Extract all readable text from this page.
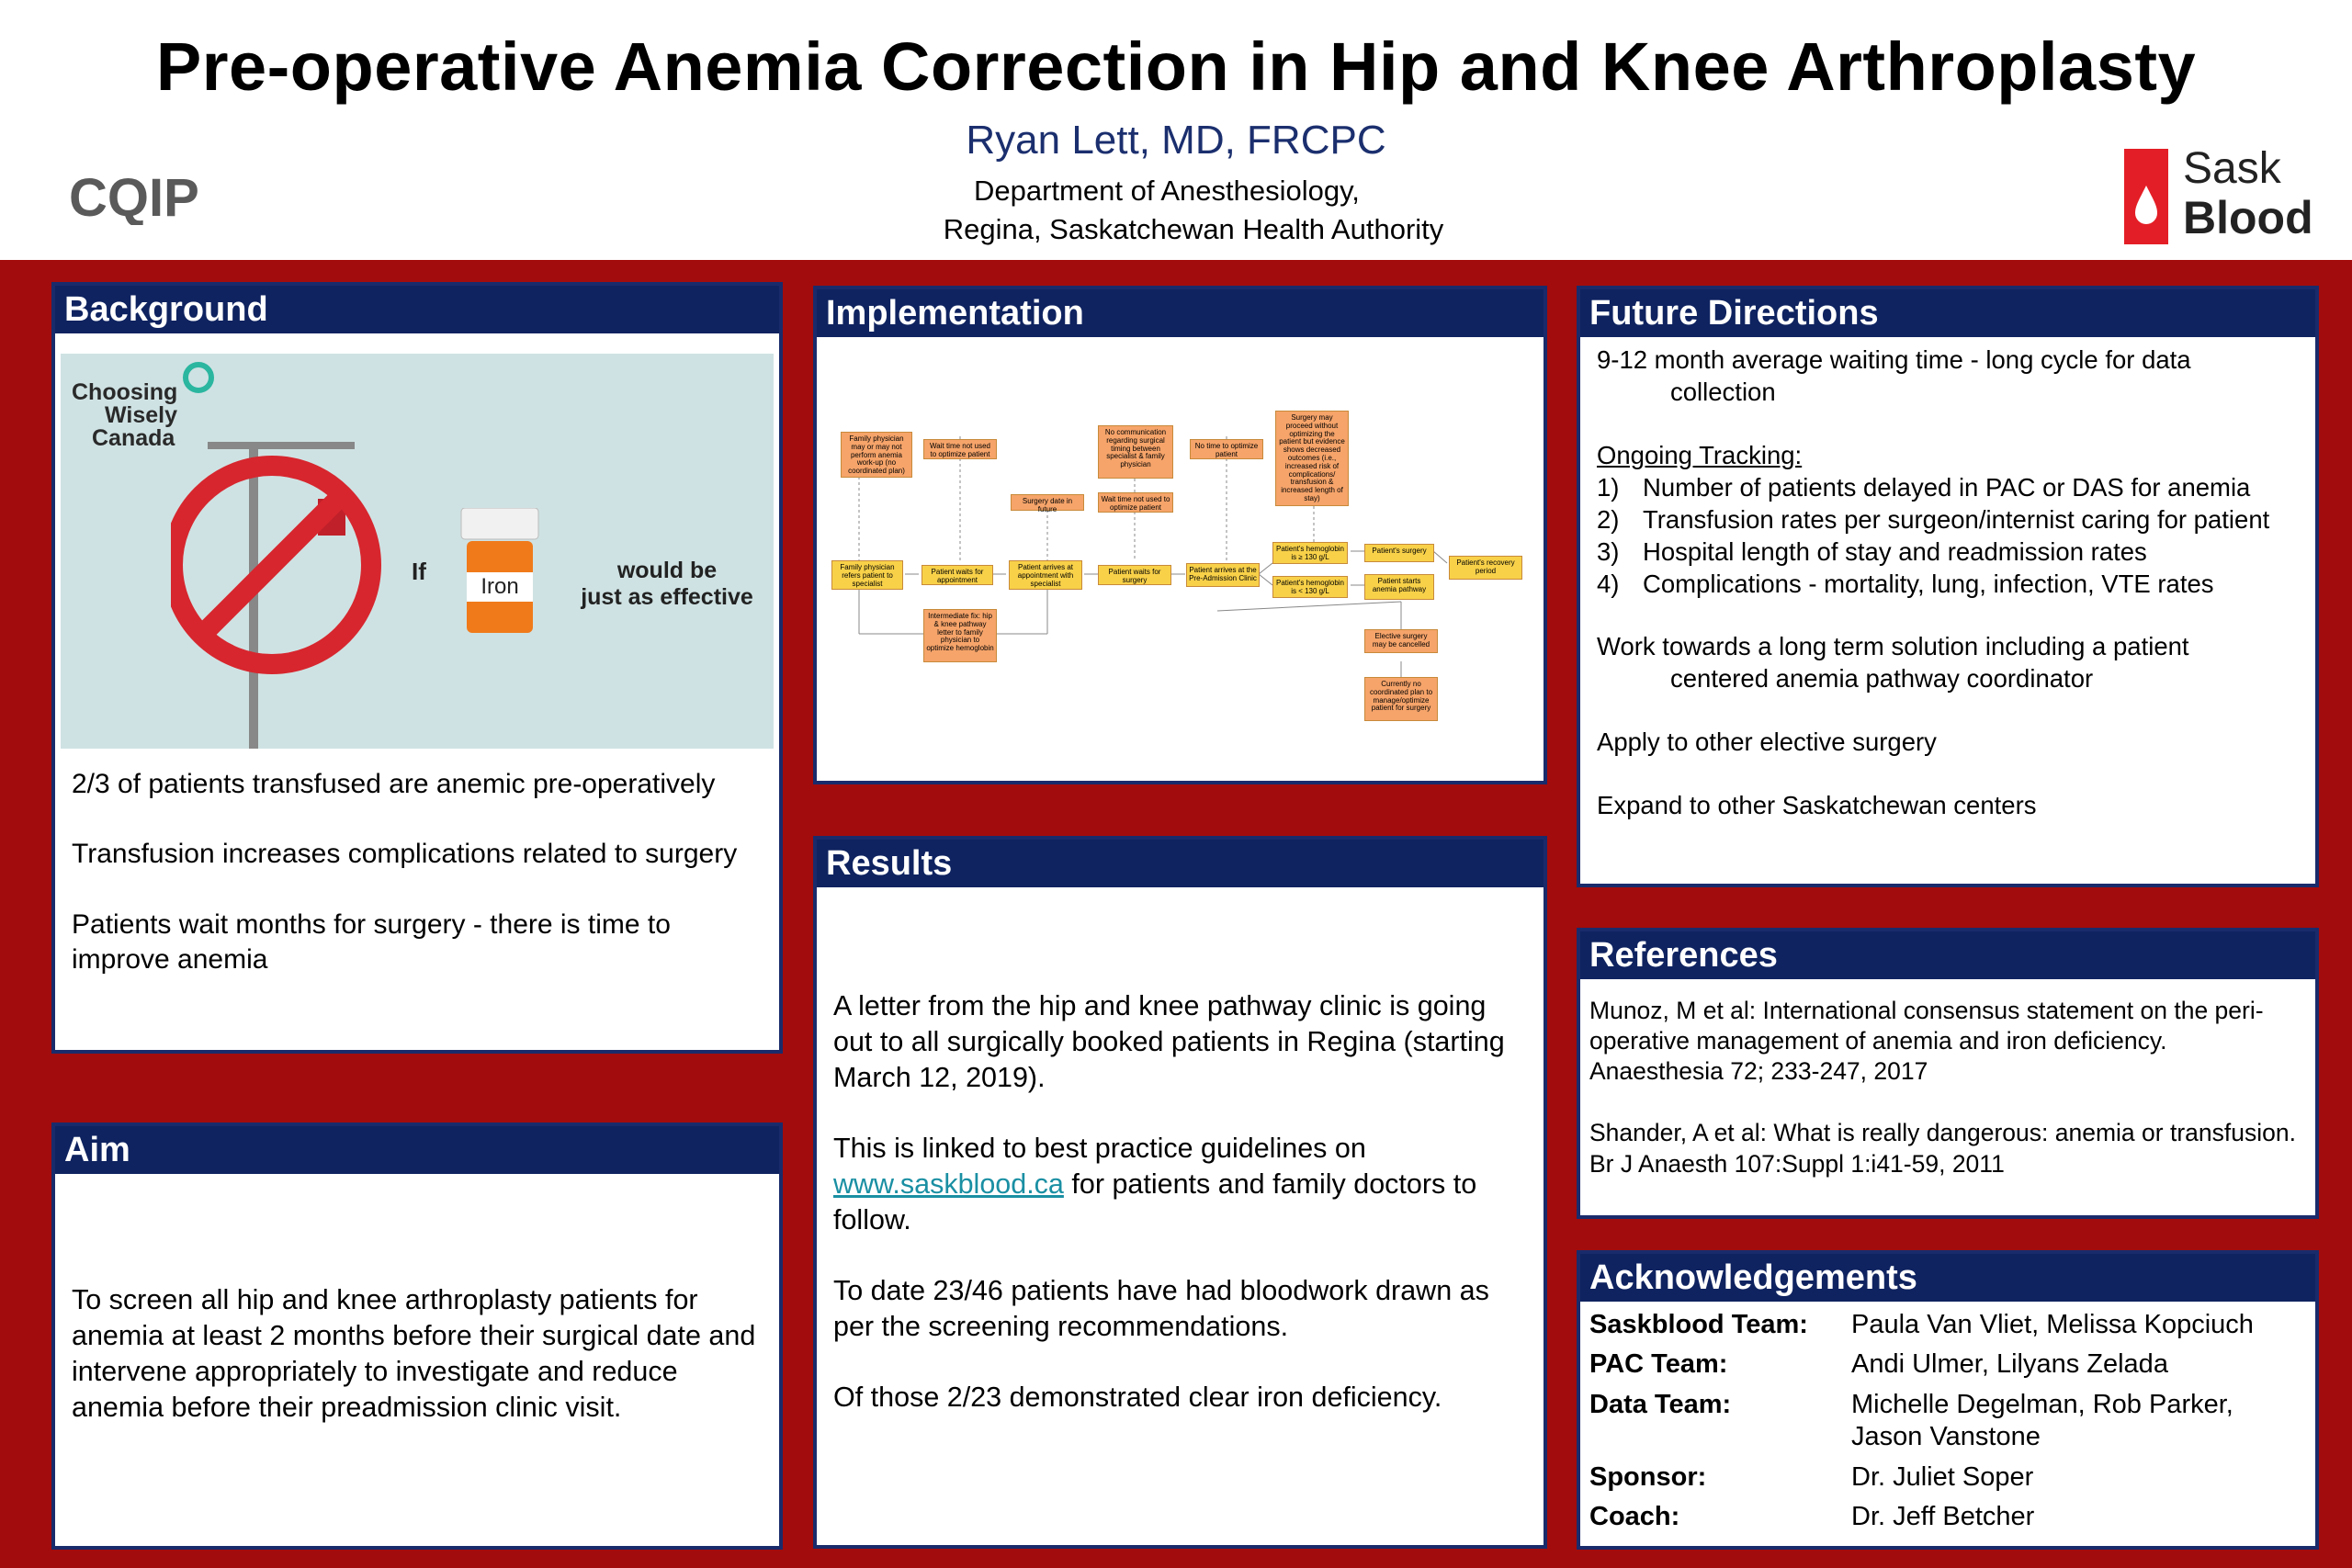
Pre-operative Anemia Correction in Hip and Knee Arthroplasty
Ryan Lett, MD, FRCPC
Department of Anesthesiology,
Regina, Saskatchewan Health Authority
CQIP	Sask
Blood
Background
Choosing
Wisely
Canada
If
Iron
would be
just as effective
2/3 of patients transfused are anemic pre-operatively
Transfusion increases complications related to surgery
Patients wait months for surgery - there is time to improve anemia
Aim
To screen all hip and knee arthroplasty patients for anemia at least 2 months before their surgical date and intervene appropriately to investigate and reduce anemia before their preadmission clinic visit.
Implementation
Family physician may or may not perform anemia work-up (no coordinated plan)
Wait time not used to optimize patient
Surgery date in future
No communication regarding surgical timing between specialist & family physician
Wait time not used to optimize patient
No time to optimize patient
Surgery may proceed without optimizing the patient but evidence shows decreased outcomes (i.e., increased risk of complications/ transfusion & increased length of stay)
Family physician refers patient to specialist
Patient waits for appointment
Patient arrives at appointment with specialist
Patient waits for surgery
Patient arrives at the Pre-Admission Clinic
Patient's hemoglobin is ≥ 130 g/L
Patient's hemoglobin is < 130 g/L
Patient's surgery
Patient starts anemia pathway
Patient's recovery period
Intermediate fix: hip & knee pathway letter to family physician to optimize hemoglobin
Elective surgery may be cancelled
Currently no coordinated plan to manage/optimize patient for surgery
Results
A letter from the hip and knee pathway clinic is going out to all surgically booked patients in Regina (starting March 12, 2019).
This is linked to best practice guidelines on www.saskblood.ca for patients and family doctors to follow.
To date 23/46 patients have had bloodwork drawn as per the screening recommendations.
Of those 2/23 demonstrated clear iron deficiency.
Future Directions
9-12 month average waiting time - long cycle for data
collection
Ongoing Tracking:
1) Number of patients delayed in PAC or DAS for anemia
2) Transfusion rates per surgeon/internist caring for patient
3) Hospital length of stay and readmission rates
4) Complications - mortality, lung, infection, VTE rates
Work towards a long term solution including a patient
centered anemia pathway coordinator
Apply to other elective surgery
Expand to other Saskatchewan centers
References
Munoz, M et al: International consensus statement on the peri-operative management of anemia and iron deficiency. Anaesthesia 72; 233-247, 2017
Shander, A et al: What is really dangerous: anemia or transfusion. Br J Anaesth 107:Suppl 1:i41-59, 2011
Acknowledgements
Saskblood Team:	Paula Van Vliet, Melissa Kopciuch
PAC Team:	Andi Ulmer, Lilyans Zelada
Data Team:	Michelle Degelman, Rob Parker, Jason Vanstone
Sponsor:	Dr. Juliet Soper
Coach:	Dr. Jeff Betcher
